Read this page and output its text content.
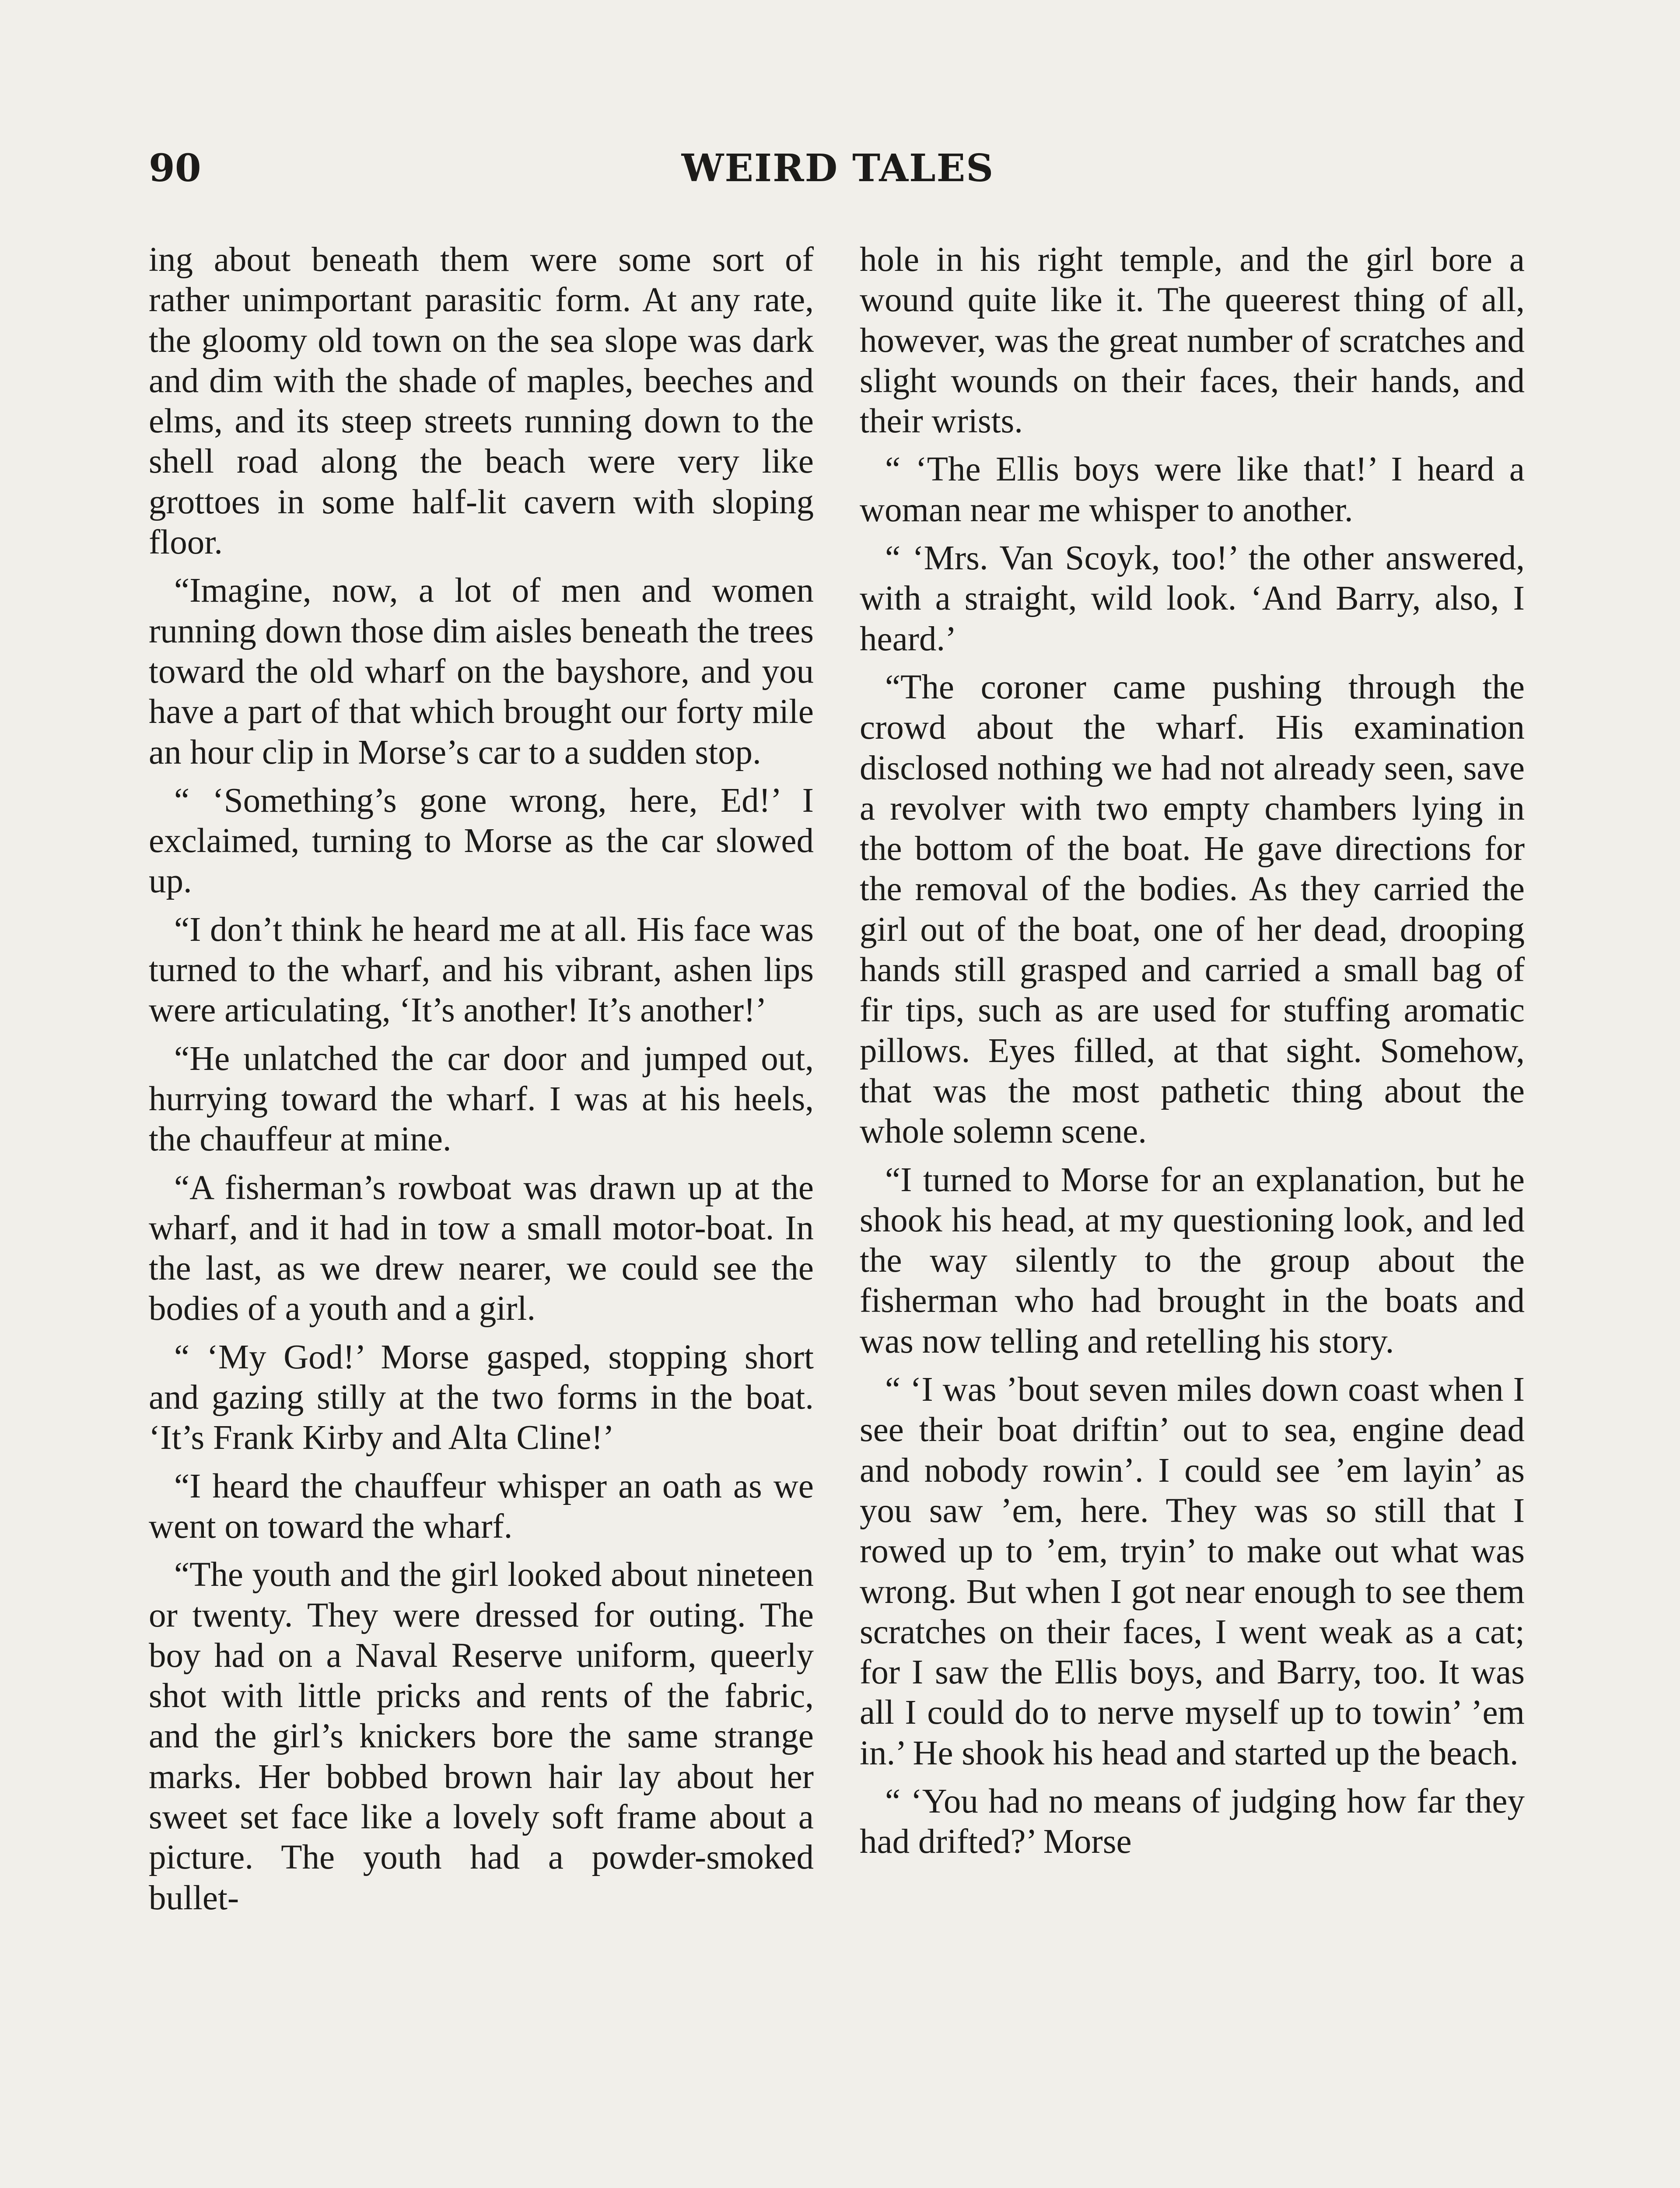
90	WEIRD TALES

ing about beneath them were some sort of rather unimportant parasitic form. At any rate, the gloomy old town on the sea slope was dark and dim with the shade of maples, beeches and elms, and its steep streets running down to the shell road along the beach were very like grottoes in some half-lit cavern with sloping floor.

“Imagine, now, a lot of men and women running down those dim aisles beneath the trees toward the old wharf on the bayshore, and you have a part of that which brought our forty mile an hour clip in Morse’s car to a sudden stop.

“ ‘Something’s gone wrong, here, Ed!’ I exclaimed, turning to Morse as the car slowed up.

“I don’t think he heard me at all. His face was turned to the wharf, and his vibrant, ashen lips were articulating, ‘It’s another! It’s another!’

“He unlatched the car door and jumped out, hurrying toward the wharf. I was at his heels, the chauffeur at mine.

“A fisherman’s rowboat was drawn up at the wharf, and it had in tow a small motor-boat. In the last, as we drew nearer, we could see the bodies of a youth and a girl.

“ ‘My God!’ Morse gasped, stopping short and gazing stilly at the two forms in the boat. ‘It’s Frank Kirby and Alta Cline!’

“I heard the chauffeur whisper an oath as we went on toward the wharf.

“The youth and the girl looked about nineteen or twenty. They were dressed for outing. The boy had on a Naval Reserve uniform, queerly shot with little pricks and rents of the fabric, and the girl’s knickers bore the same strange marks. Her bobbed brown hair lay about her sweet set face like a lovely soft frame about a picture. The youth had a powder-smoked bullet-

hole in his right temple, and the girl bore a wound quite like it. The queerest thing of all, however, was the great number of scratches and slight wounds on their faces, their hands, and their wrists.

“ ‘The Ellis boys were like that!’ I heard a woman near me whisper to another.

“ ‘Mrs. Van Scoyk, too!’ the other answered, with a straight, wild look. ‘And Barry, also, I heard.’

“The coroner came pushing through the crowd about the wharf. His examination disclosed nothing we had not already seen, save a revolver with two empty chambers lying in the bottom of the boat. He gave directions for the removal of the bodies. As they carried the girl out of the boat, one of her dead, drooping hands still grasped and carried a small bag of fir tips, such as are used for stuffing aromatic pillows. Eyes filled, at that sight. Somehow, that was the most pathetic thing about the whole solemn scene.

“I turned to Morse for an explanation, but he shook his head, at my questioning look, and led the way silently to the group about the fisherman who had brought in the boats and was now telling and retelling his story.

“ ‘I was ’bout seven miles down coast when I see their boat driftin’ out to sea, engine dead and nobody rowin’. I could see ’em layin’ as you saw ’em, here. They was so still that I rowed up to ’em, tryin’ to make out what was wrong. But when I got near enough to see them scratches on their faces, I went weak as a cat; for I saw the Ellis boys, and Barry, too. It was all I could do to nerve myself up to towin’ ’em in.’ He shook his head and started up the beach.

“ ‘You had no means of judging how far they had drifted?’ Morse
